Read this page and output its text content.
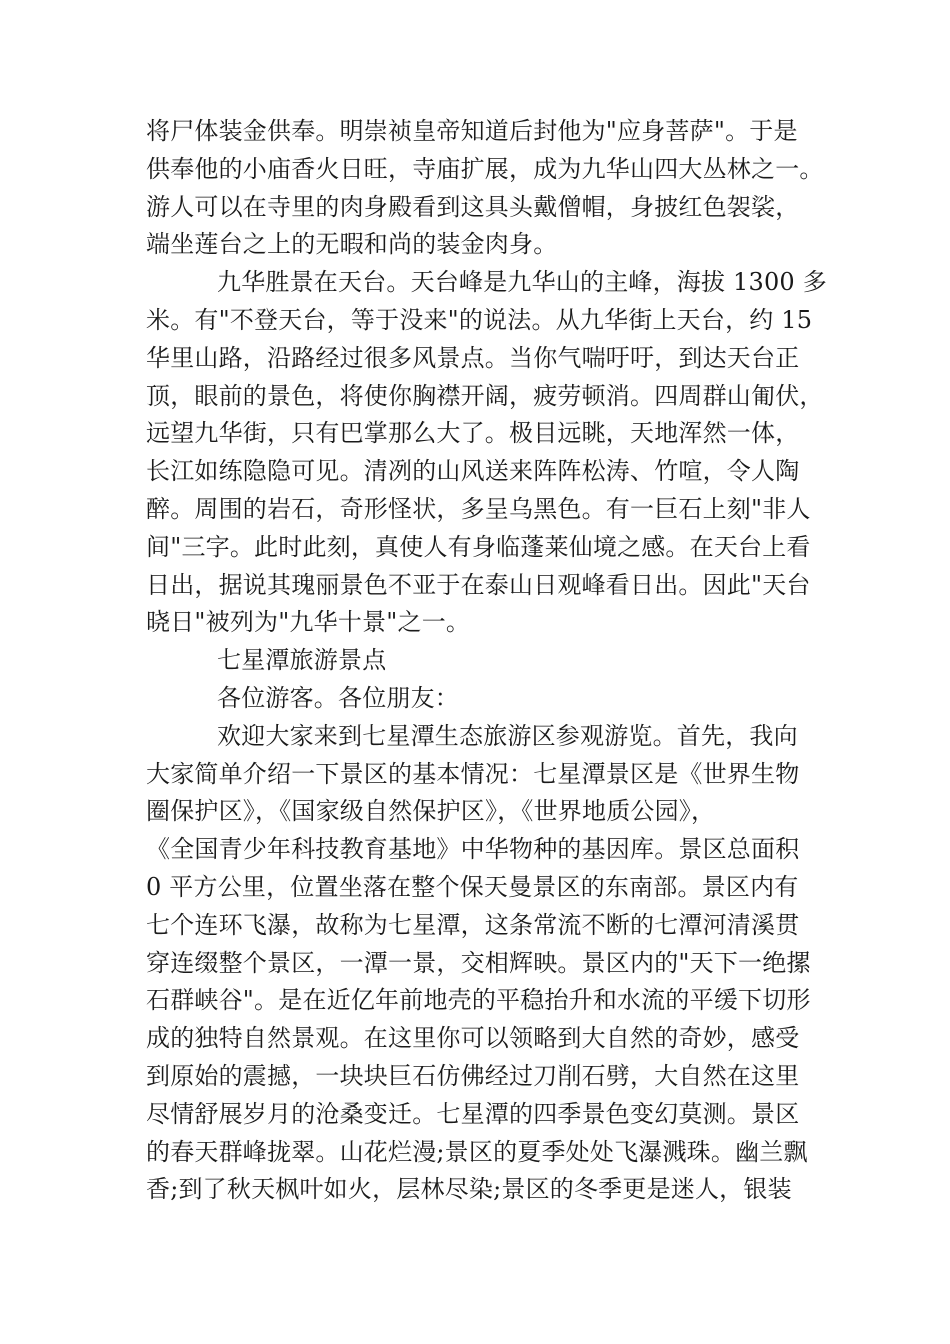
将尸体装金供奉。明崇祯皇帝知道后封他为"应身菩萨"。于是
供奉他的小庙香火日旺，寺庙扩展，成为九华山四大丛林之一。
游人可以在寺里的肉身殿看到这具头戴僧帽，身披红色袈裟，
端坐莲台之上的无暇和尚的装金肉身。
九华胜景在天台。天台峰是九华山的主峰，海拔 1300 多
米。有"不登天台，等于没来"的说法。从九华街上天台，约 15
华里山路，沿路经过很多风景点。当你气喘吁吁，到达天台正
顶，眼前的景色，将使你胸襟开阔，疲劳顿消。四周群山匍伏，
远望九华街，只有巴掌那么大了。极目远眺，天地浑然一体，
长江如练隐隐可见。清冽的山风送来阵阵松涛、竹喧，令人陶
醉。周围的岩石，奇形怪状，多呈乌黑色。有一巨石上刻"非人
间"三字。此时此刻，真使人有身临蓬莱仙境之感。在天台上看
日出，据说其瑰丽景色不亚于在泰山日观峰看日出。因此"天台
晓日"被列为"九华十景"之一。
七星潭旅游景点
各位游客。各位朋友：
欢迎大家来到七星潭生态旅游区参观游览。首先，我向
大家简单介绍一下景区的基本情况：七星潭景区是《世界生物
圈保护区》，《国家级自然保护区》，《世界地质公园》，
《全国青少年科技教育基地》中华物种的基因库。景区总面积
0 平方公里，位置坐落在整个保天曼景区的东南部。景区内有
七个连环飞瀑，故称为七星潭，这条常流不断的七潭河清溪贯
穿连缀整个景区，一潭一景，交相辉映。景区内的"天下一绝摞
石群峡谷"。是在近亿年前地壳的平稳抬升和水流的平缓下切形
成的独特自然景观。在这里你可以领略到大自然的奇妙，感受
到原始的震撼，一块块巨石仿佛经过刀削石劈，大自然在这里
尽情舒展岁月的沧桑变迁。七星潭的四季景色变幻莫测。景区
的春天群峰拢翠。山花烂漫;景区的夏季处处飞瀑溅珠。幽兰飘
香;到了秋天枫叶如火，层林尽染;景区的冬季更是迷人，银装
